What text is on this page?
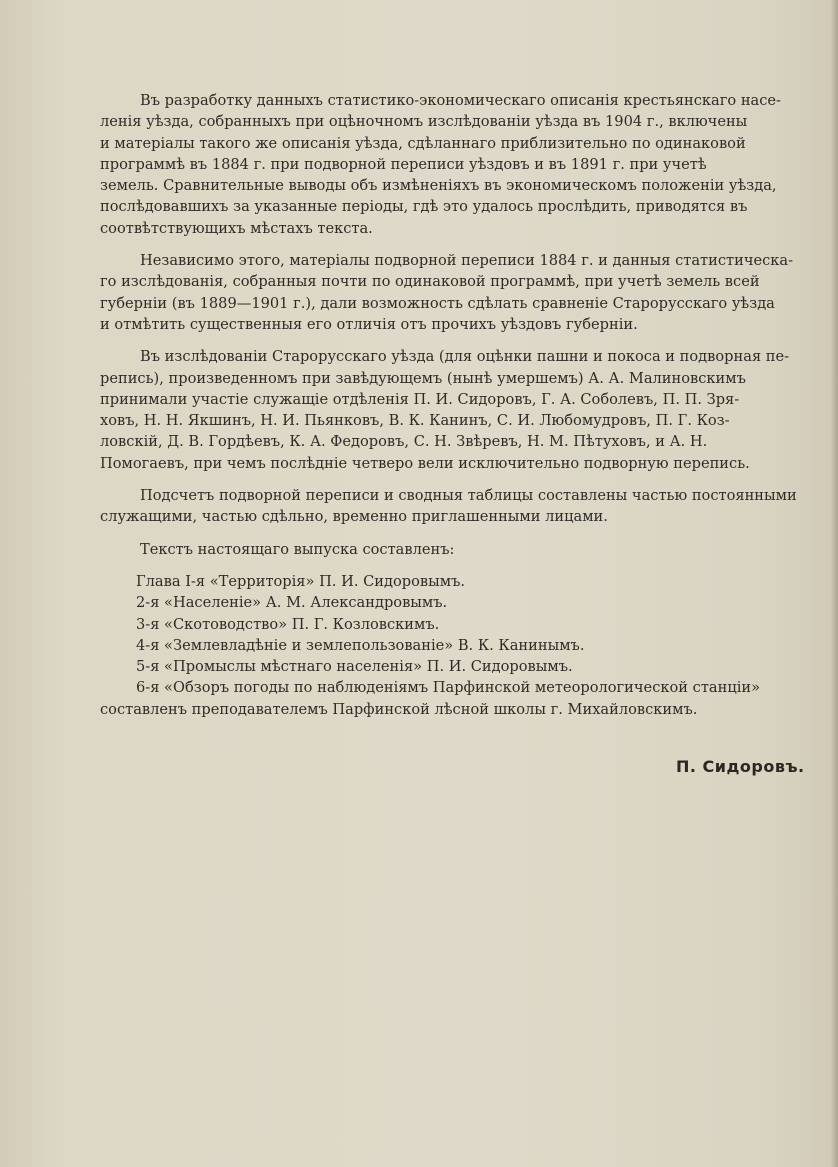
Въ разработку данныхъ статистико-экономическаго описанія крестьянскаго насе-
ленія уѣзда, собранныхъ при оцѣночномъ изслѣдованіи уѣзда въ 1904 г., включены
и матеріалы такого же описанія уѣзда, сдѣланнаго приблизительно по одинаковой
программѣ въ 1884 г. при подворной переписи уѣздовъ и въ 1891 г. при учетѣ
земель. Сравнительные выводы объ измѣненіяхъ въ экономическомъ положеніи уѣзда,
послѣдовавшихъ за указанные періоды, гдѣ это удалось прослѣдить, приводятся въ
соотвѣтствующихъ мѣстахъ текста.
Независимо этого, матеріалы подворной переписи 1884 г. и данныя статистическа-
го изслѣдованія, собранныя почти по одинаковой программѣ, при учетѣ земель всей
губерніи (въ 1889—1901 г.), дали возможность сдѣлать сравненіе Старорусскаго уѣзда
и отмѣтить существенныя его отличія отъ прочихъ уѣздовъ губерніи.
Въ изслѣдованіи Старорусскаго уѣзда (для оцѣнки пашни и покоса и подворная пе-
репись), произведенномъ при завѣдующемъ (нынѣ умершемъ) А. А. Малиновскимъ
принимали участіе служащіе отдѣленія П. И. Сидоровъ, Г. А. Соболевъ, П. П. Зря-
ховъ, Н. Н. Якшинъ, Н. И. Пьянковъ, В. К. Канинъ, С. И. Любомудровъ, П. Г. Коз-
ловскій, Д. В. Гордѣевъ, К. А. Федоровъ, С. Н. Звѣревъ, Н. М. Пѣтуховъ, и А. Н.
Помогаевъ, при чемъ послѣдніе четверо вели исключительно подворную перепись.
Подсчетъ подворной переписи и сводныя таблицы составлены частью постоянными
служащими, частью сдѣльно, временно приглашенными лицами.
Текстъ настоящаго выпуска составленъ:
Глава I-я «Территорія» П. И. Сидоровымъ.
2-я «Населеніе» А. М. Александровымъ.
3-я «Скотоводство» П. Г. Козловскимъ.
4-я «Землевладѣніе и землепользованіе» В. К. Канинымъ.
5-я «Промыслы мѣстнаго населенія» П. И. Сидоровымъ.
6-я «Обзоръ погоды по наблюденіямъ Парфинской метеорологической станціи»
составленъ преподавателемъ Парфинской лѣсной школы г. Михайловскимъ.
П. Сидоровъ.
